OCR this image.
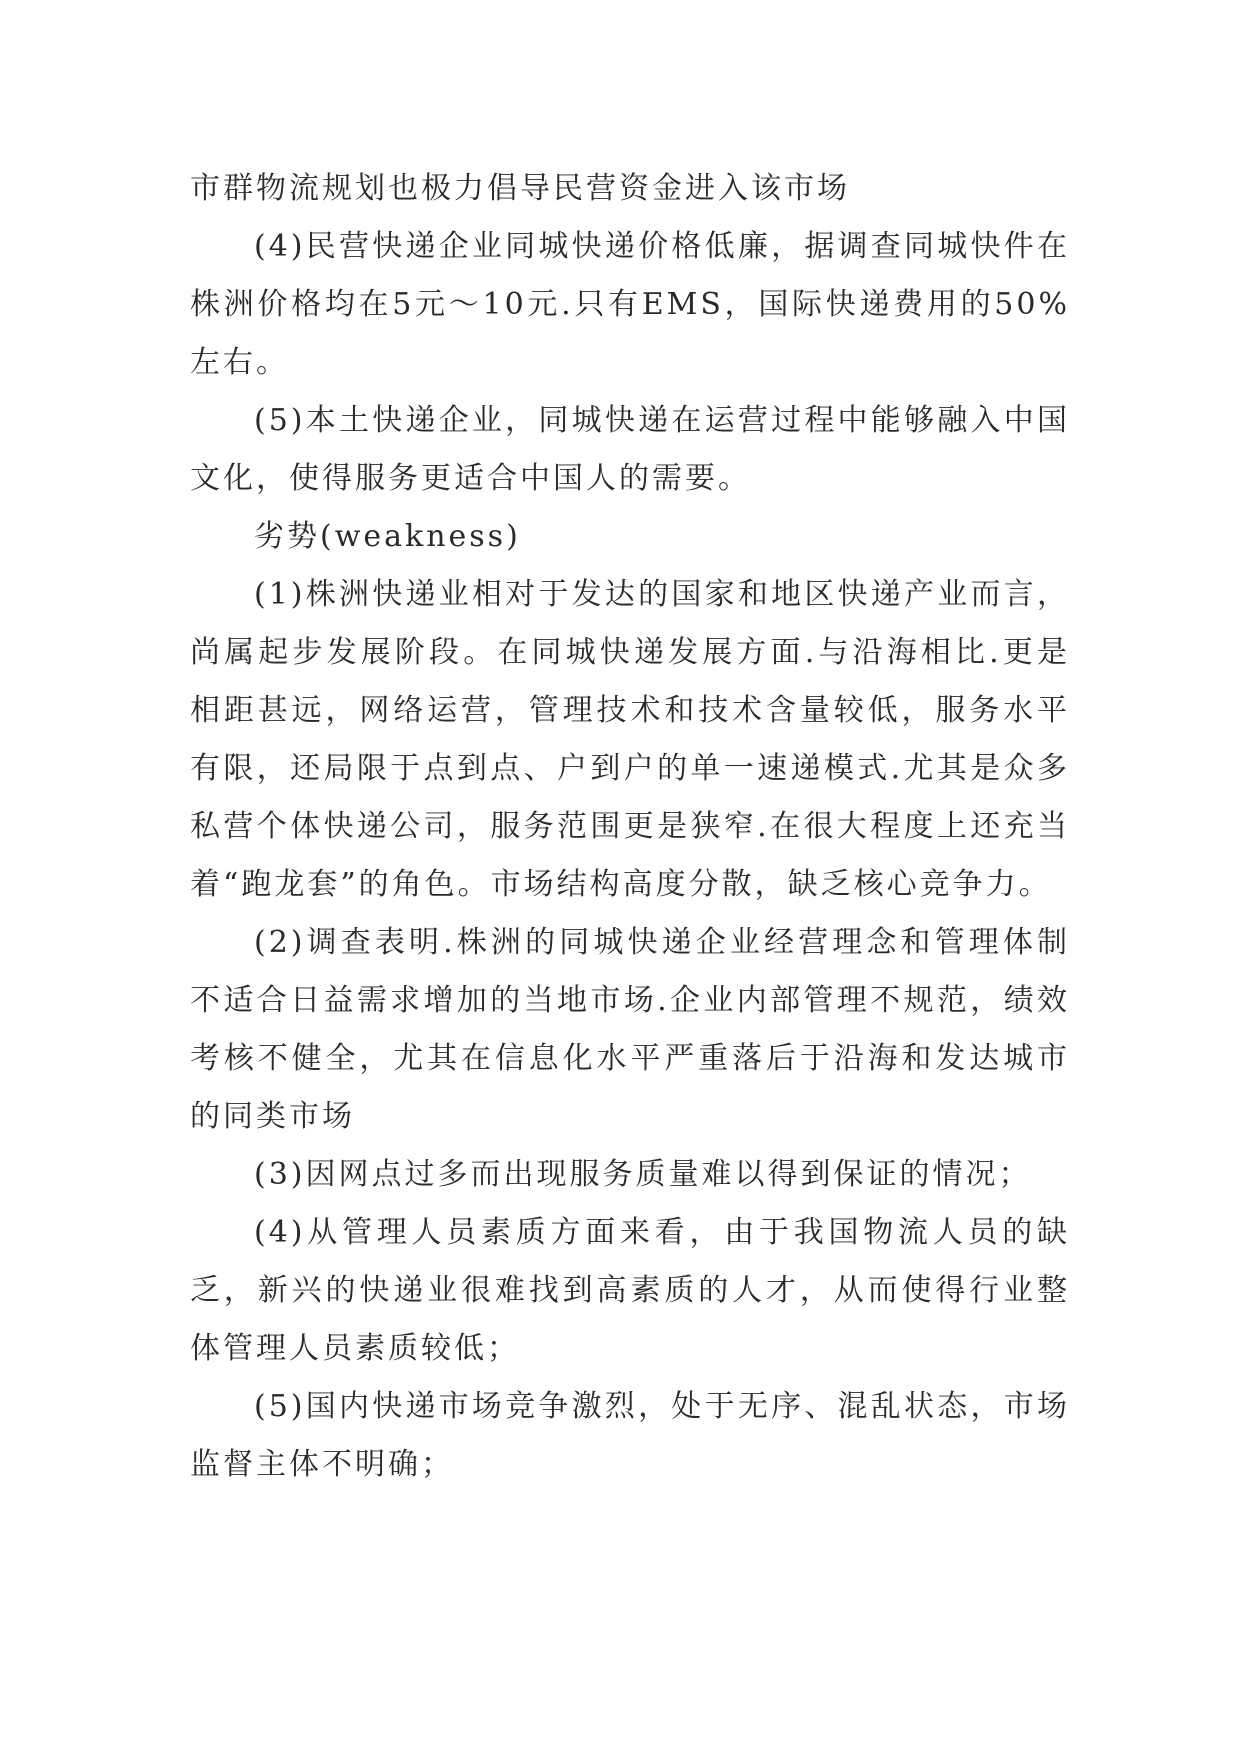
市群物流规划也极力倡导民营资金进入该市场

(4)民营快递企业同城快递价格低廉，据调查同城快件在株洲价格均在5元～10元.只有EMS，国际快递费用的50%左右。

(5)本土快递企业，同城快递在运营过程中能够融入中国文化，使得服务更适合中国人的需要。

劣势(weakness)

(1)株洲快递业相对于发达的国家和地区快递产业而言，尚属起步发展阶段。在同城快递发展方面.与沿海相比.更是相距甚远，网络运营，管理技术和技术含量较低，服务水平有限，还局限于点到点、户到户的单一速递模式.尤其是众多私营个体快递公司，服务范围更是狭窄.在很大程度上还充当着“跑龙套”的角色。市场结构高度分散，缺乏核心竞争力。

(2)调查表明.株洲的同城快递企业经营理念和管理体制不适合日益需求增加的当地市场.企业内部管理不规范，绩效考核不健全，尤其在信息化水平严重落后于沿海和发达城市的同类市场

(3)因网点过多而出现服务质量难以得到保证的情况；

(4)从管理人员素质方面来看，由于我国物流人员的缺乏，新兴的快递业很难找到高素质的人才，从而使得行业整体管理人员素质较低；

(5)国内快递市场竞争激烈，处于无序、混乱状态，市场监督主体不明确；
